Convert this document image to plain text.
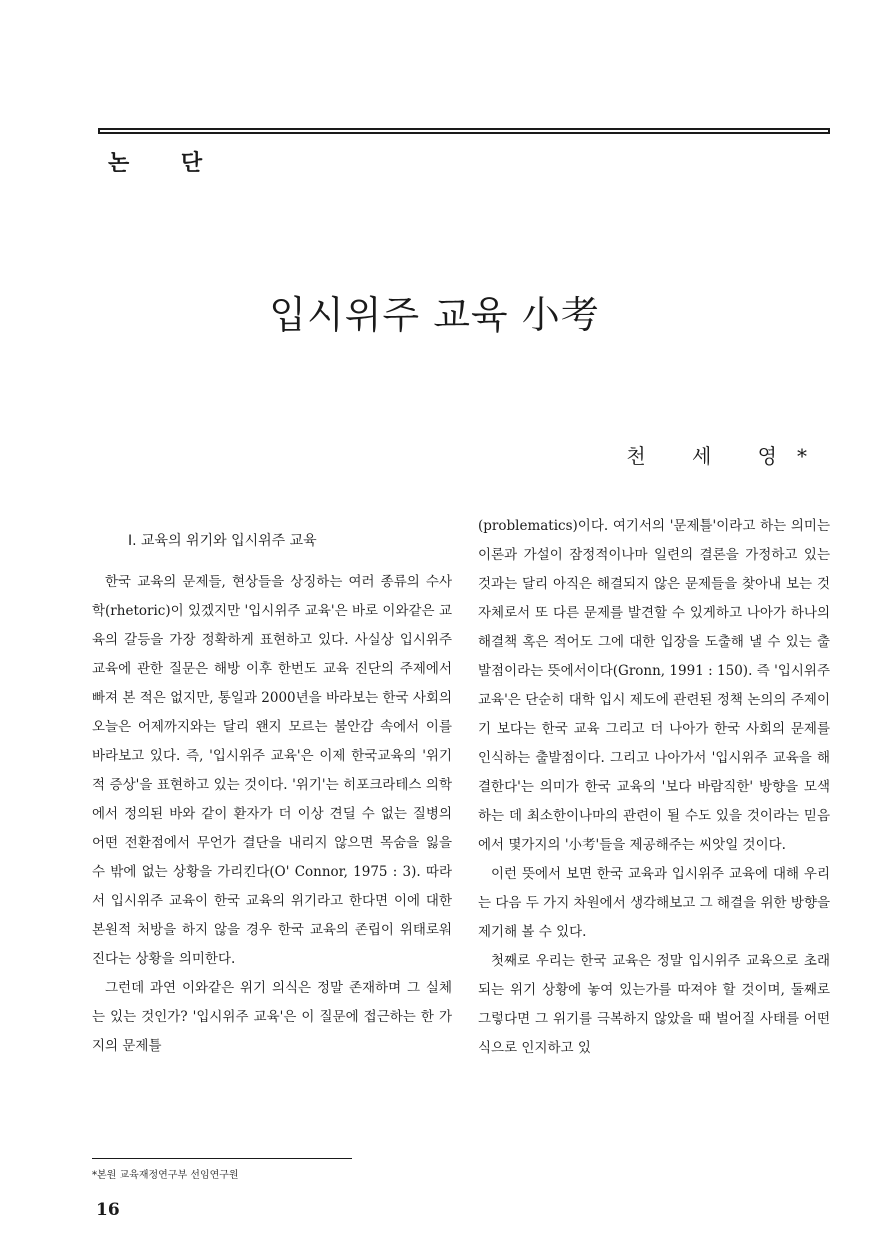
논 단
입시위주 교육 小考
천 세 영*
I. 교육의 위기와 입시위주 교육

한국 교육의 문제들, 현상들을 상징하는 여러 종류의 수사학(rhetoric)이 있겠지만 '입시위주 교육'은 바로 이와같은 교육의 갈등을 가장 정확하게 표현하고 있다. 사실상 입시위주 교육에 관한 질문은 해방 이후 한번도 교육 진단의 주제에서 빠져 본 적은 없지만, 통일과 2000년을 바라보는 한국 사회의 오늘은 어제까지와는 달리 왠지 모르는 불안감 속에서 이를 바라보고 있다. 즉, '입시위주 교육'은 이제 한국교육의 '위기적 증상'을 표현하고 있는 것이다. '위기'는 히포크라테스 의학에서 정의된 바와 같이 환자가 더 이상 견딜 수 없는 질병의 어떤 전환점에서 무언가 결단을 내리지 않으면 목숨을 잃을 수 밖에 없는 상황을 가리킨다(O' Connor, 1975 : 3). 따라서 입시위주 교육이 한국 교육의 위기라고 한다면 이에 대한 본원적 처방을 하지 않을 경우 한국 교육의 존립이 위태로워진다는 상황을 의미한다.

그런데 과연 이와같은 위기 의식은 정말 존재하며 그 실체는 있는 것인가? '입시위주 교육'은 이 질문에 접근하는 한 가지의 문제틀

(problematics)이다. 여기서의 '문제틀'이라고 하는 의미는 이론과 가설이 잠정적이나마 일련의 결론을 가정하고 있는 것과는 달리 아직은 해결되지 않은 문제들을 찾아내 보는 것 자체로서 또 다른 문제를 발견할 수 있게하고 나아가 하나의 해결책 혹은 적어도 그에 대한 입장을 도출해 낼 수 있는 출발점이라는 뜻에서이다(Gronn, 1991 : 150). 즉 '입시위주 교육'은 단순히 대학 입시 제도에 관련된 정책 논의의 주제이기 보다는 한국 교육 그리고 더 나아가 한국 사회의 문제를 인식하는 출발점이다. 그리고 나아가서 '입시위주 교육을 해결한다'는 의미가 한국 교육의 '보다 바람직한' 방향을 모색하는 데 최소한이나마의 관련이 될 수도 있을 것이라는 믿음에서 몇가지의 '小考'들을 제공해주는 씨앗일 것이다.

이런 뜻에서 보면 한국 교육과 입시위주 교육에 대해 우리는 다음 두 가지 차원에서 생각해보고 그 해결을 위한 방향을 제기해 볼 수 있다.

첫째로 우리는 한국 교육은 정말 입시위주 교육으로 초래되는 위기 상황에 놓여 있는가를 따져야 할 것이며, 둘째로 그렇다면 그 위기를 극복하지 않았을 때 벌어질 사태를 어떤 식으로 인지하고 있

*본원 교육재정연구부 선임연구원
16
